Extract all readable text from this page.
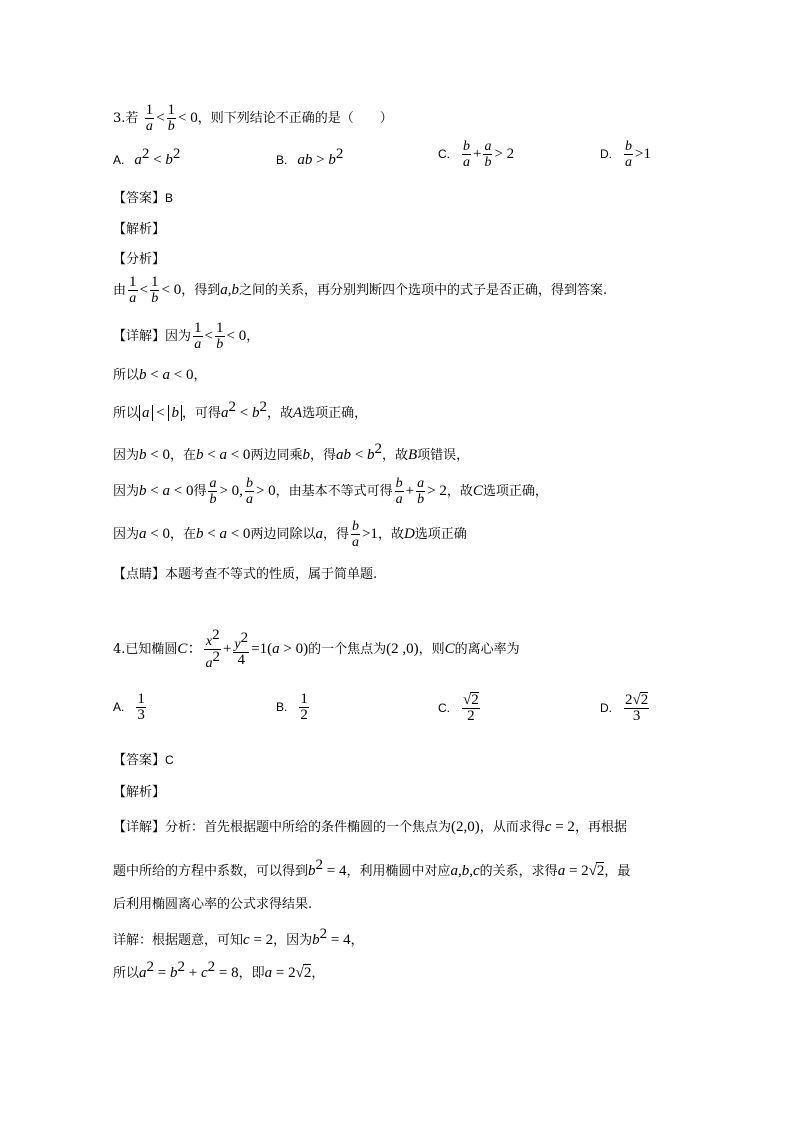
3.若 $\frac{1}{a} < \frac{1}{b} < 0$，则下列结论不正确的是（　　）
A. $a^2 < b^2$	B. ab > $b^2$	C. $\frac{b}{a} + \frac{a}{b} > 2$	D. $\frac{b}{a} >1$
【答案】B
【解析】
【分析】
由 $\frac{1}{a} < \frac{1}{b} < 0$，得到a,b之间的关系，再分别判断四个选项中的式子是否正确，得到答案.
【详解】因为 $\frac{1}{a} < \frac{1}{b} < 0$，
所以b < a < 0，
所以 a < b ，可得$a^2 < b^2$，故A选项正确，
因为b < 0，在b < a < 0两边同乘b，得ab < $b^2$，故B项错误，
因为b < a < 0得 $\frac{a}{b} > 0$, $\frac{b}{a} > 0$，由基本不等式可得 $\frac{b}{a} + \frac{a}{b} > 2$，故C选项正确，
因为a < 0，在b < a < 0两边同除以a，得 $\frac{b}{a} >1$，故D选项正确
【点睛】本题考查不等式的性质，属于简单题.
4.已知椭圆C： $\frac{x^2}{a^2} + \frac{y^2}{4} =1(a > 0)$的一个焦点为(2 ,0)，则C的离心率为
A. $\frac{1}{3}$	B. $\frac{1}{2}$	C. $\frac{√2}{2}$	D. $\frac{2√2}{3}$
【答案】C
【解析】
【详解】分析：首先根据题中所给的条件椭圆的一个焦点为(2,0)，从而求得c = 2，再根据
题中所给的方程中系数，可以得到$b^2 = 4$，利用椭圆中对应a,b,c的关系，求得a = 2√2，最
后利用椭圆离心率的公式求得结果.
详解：根据题意，可知c = 2，因为$b^2 = 4$，
所以$a^2 = b^2 + c^2 = 8$，即a = 2√2，
